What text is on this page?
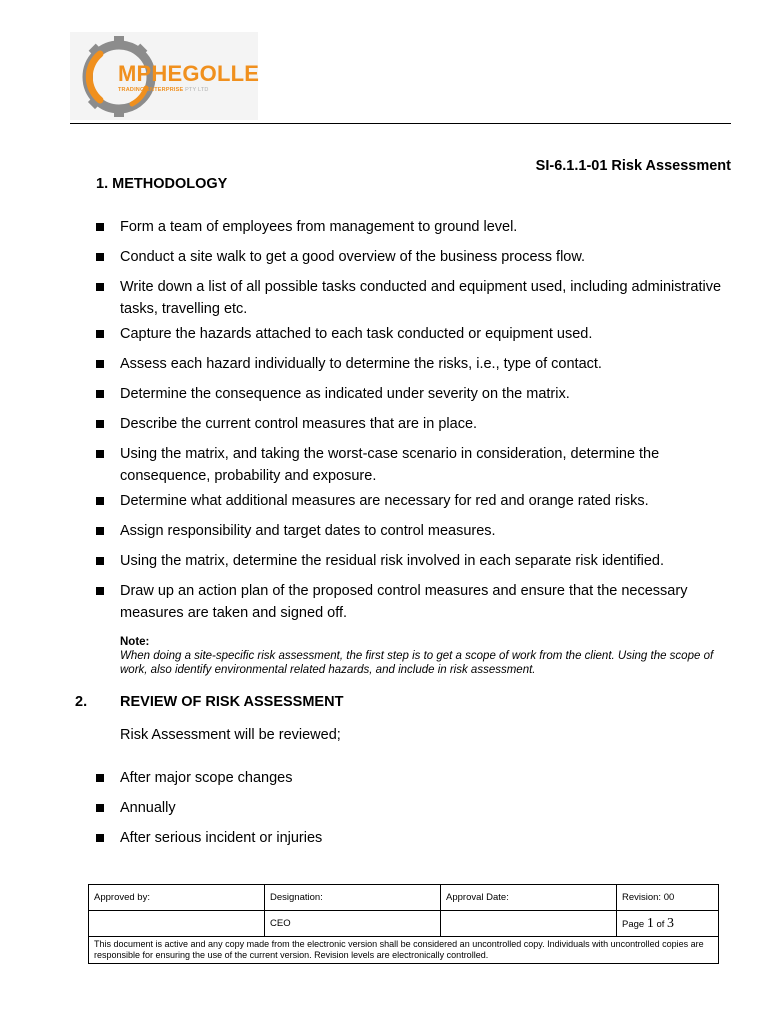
MPHEGOLLE
TRADING ENTERPRISE PTY LTD
SI-6.1.1-01 Risk Assessment
1. METHODOLOGY
Form a team of employees from management to ground level.
Conduct a site walk to get a good overview of the business process flow.
Write down a list of all possible tasks conducted and equipment used, including administrative tasks, travelling etc.
Capture the hazards attached to each task conducted or equipment used.
Assess each hazard individually to determine the risks, i.e., type of contact.
Determine the consequence as indicated under severity on the matrix.
Describe the current control measures that are in place.
Using the matrix, and taking the worst-case scenario in consideration, determine the consequence, probability and exposure.
Determine what additional measures are necessary for red and orange rated risks.
Assign responsibility and target dates to control measures.
Using the matrix, determine the residual risk involved in each separate risk identified.
Draw up an action plan of the proposed control measures and ensure that the necessary measures are taken and signed off.
Note:
When doing a site-specific risk assessment, the first step is to get a scope of work from the client. Using the scope of work, also identify environmental related hazards, and include in risk assessment.
2. REVIEW OF RISK ASSESSMENT
Risk Assessment will be reviewed;
After major scope changes
Annually
After serious incident or injuries
Approved by:	Designation:	Approval Date:	Revision: 00
	CEO		Page 1 of 3
This document is active and any copy made from the electronic version shall be considered an uncontrolled copy. Individuals with uncontrolled copies are responsible for ensuring the use of the current version. Revision levels are electronically controlled.			
